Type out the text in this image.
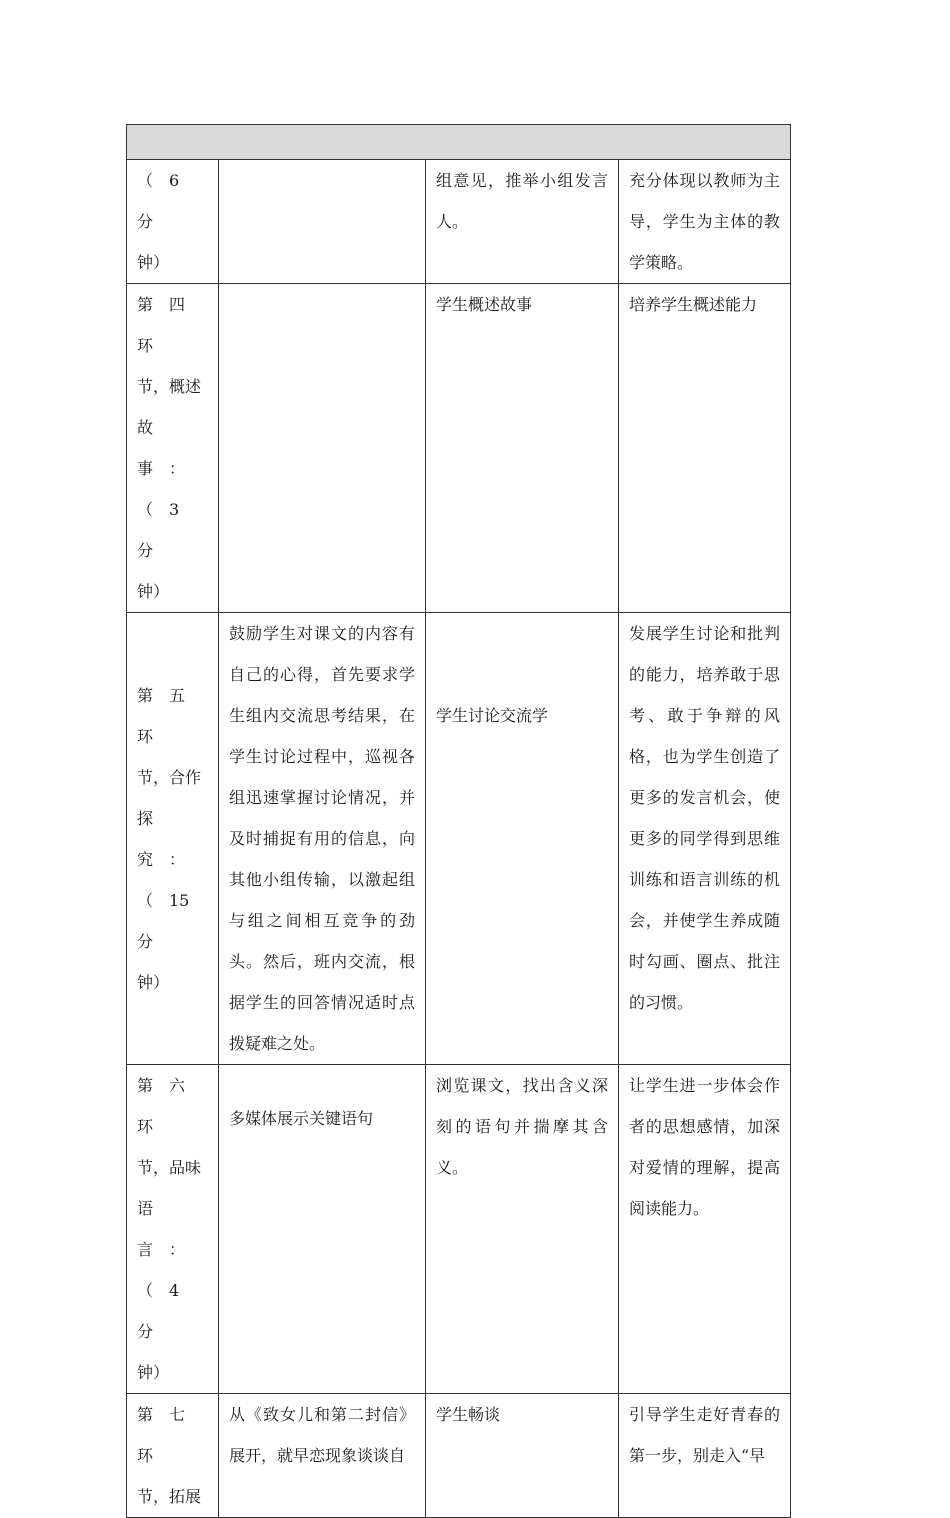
（　6　分
钟）		组意见，推举小组发言人。	充分体现以教师为主导，学生为主体的教学策略。

第　四　环
节，概述
故　事　：
（　3　分
钟）		学生概述故事	培养学生概述能力

第　五　环
节，合作
探　究　：
（　15　分
钟）	鼓励学生对课文的内容有自己的心得，首先要求学生组内交流思考结果，在学生讨论过程中，巡视各组迅速掌握讨论情况，并及时捕捉有用的信息，向其他小组传输，以激起组与组之间相互竞争的劲头。然后，班内交流，根据学生的回答情况适时点拨疑难之处。	学生讨论交流学	发展学生讨论和批判的能力，培养敢于思考、敢于争辩的风格，也为学生创造了更多的发言机会，使更多的同学得到思维训练和语言训练的机会，并使学生养成随时勾画、圈点、批注的习惯。

第　六　环
节，品味
语　言　：
（　4　分
钟）	多媒体展示关键语句	浏览课文，找出含义深刻的语句并揣摩其含义。	让学生进一步体会作者的思想感情，加深对爱情的理解，提高阅读能力。

第　七　环
节，拓展	从《致女儿和第二封信》展开，就早恋现象谈谈自	学生畅谈	引导学生走好青春的第一步，别走入“早
